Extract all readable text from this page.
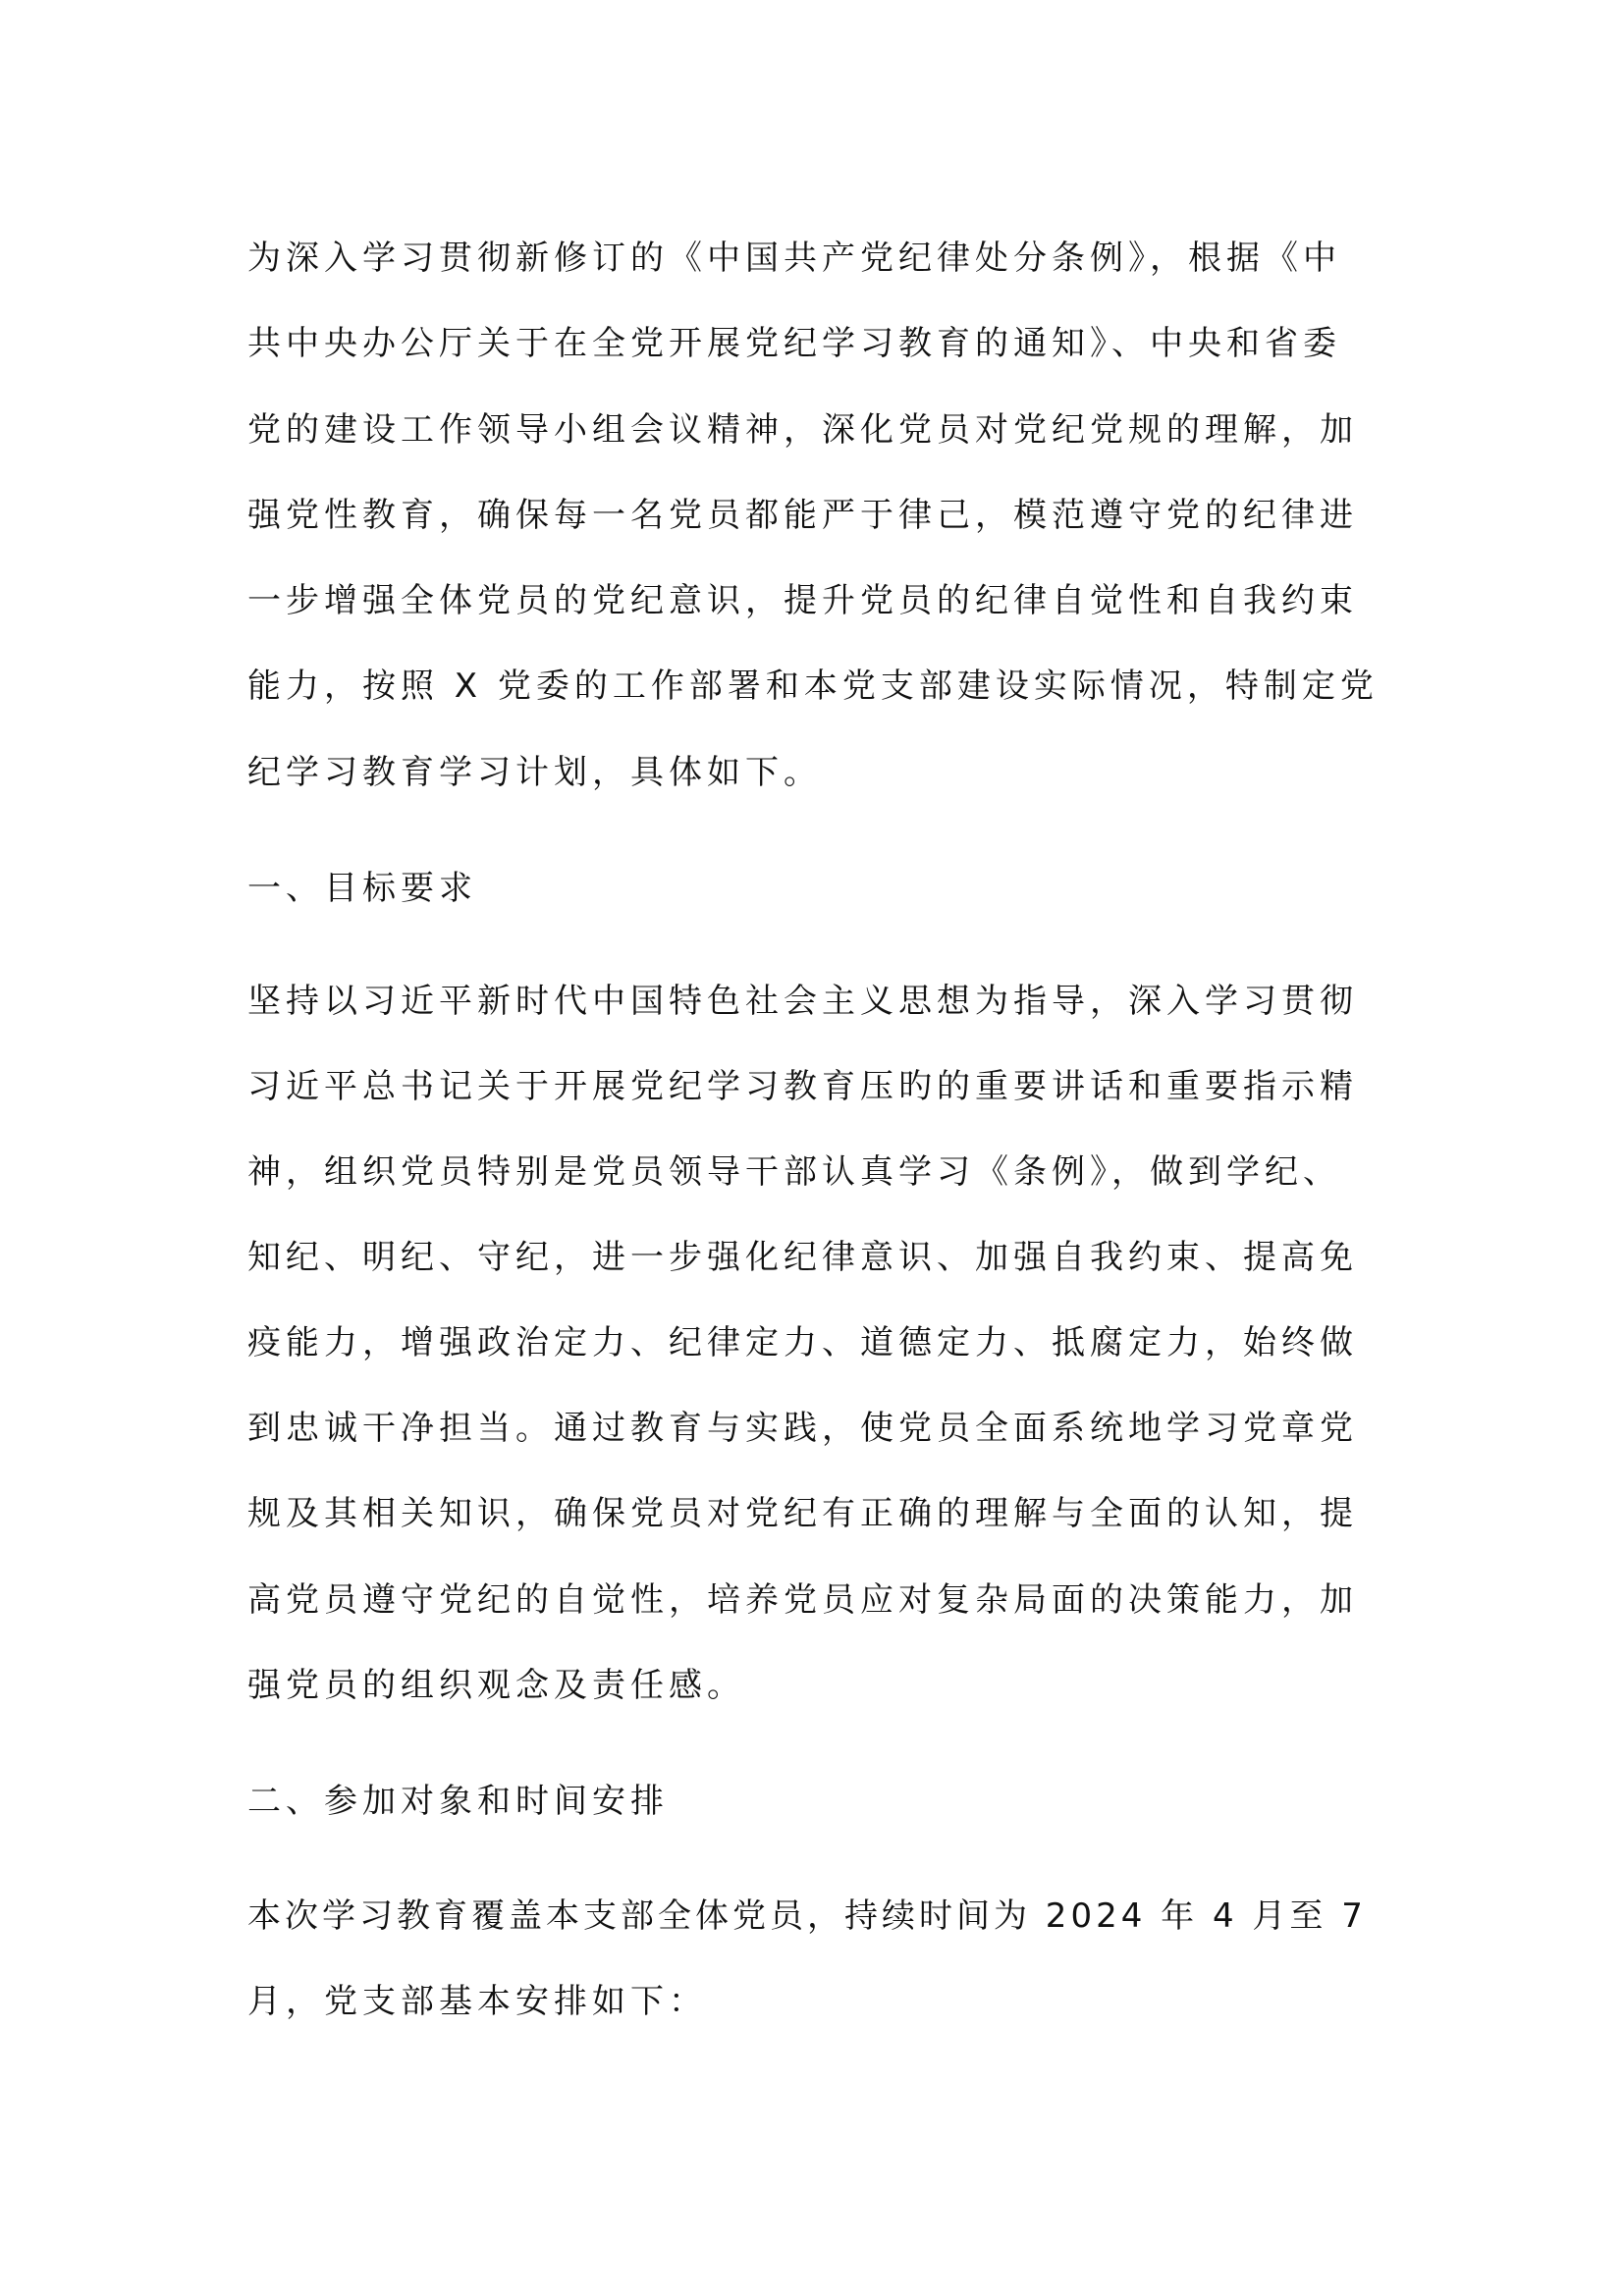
为深入学习贯彻新修订的《中国共产党纪律处分条例》，根据《中
共中央办公厅关于在全党开展党纪学习教育的通知》、中央和省委
党的建设工作领导小组会议精神，深化党员对党纪党规的理解，加
强党性教育，确保每一名党员都能严于律己，模范遵守党的纪律进
一步增强全体党员的党纪意识，提升党员的纪律自觉性和自我约束
能力，按照 X 党委的工作部署和本党支部建设实际情况，特制定党
纪学习教育学习计划，具体如下。
一、目标要求
坚持以习近平新时代中国特色社会主义思想为指导，深入学习贯彻
习近平总书记关于开展党纪学习教育压旳的重要讲话和重要指示精
神，组织党员特别是党员领导干部认真学习《条例》，做到学纪、
知纪、明纪、守纪，进一步强化纪律意识、加强自我约束、提高免
疫能力，增强政治定力、纪律定力、道德定力、抵腐定力，始终做
到忠诚干净担当。通过教育与实践，使党员全面系统地学习党章党
规及其相关知识，确保党员对党纪有正确的理解与全面的认知，提
高党员遵守党纪的自觉性，培养党员应对复杂局面的决策能力，加
强党员的组织观念及责任感。
二、参加对象和时间安排
本次学习教育覆盖本支部全体党员，持续时间为 2024 年 4 月至 7
月，党支部基本安排如下：
